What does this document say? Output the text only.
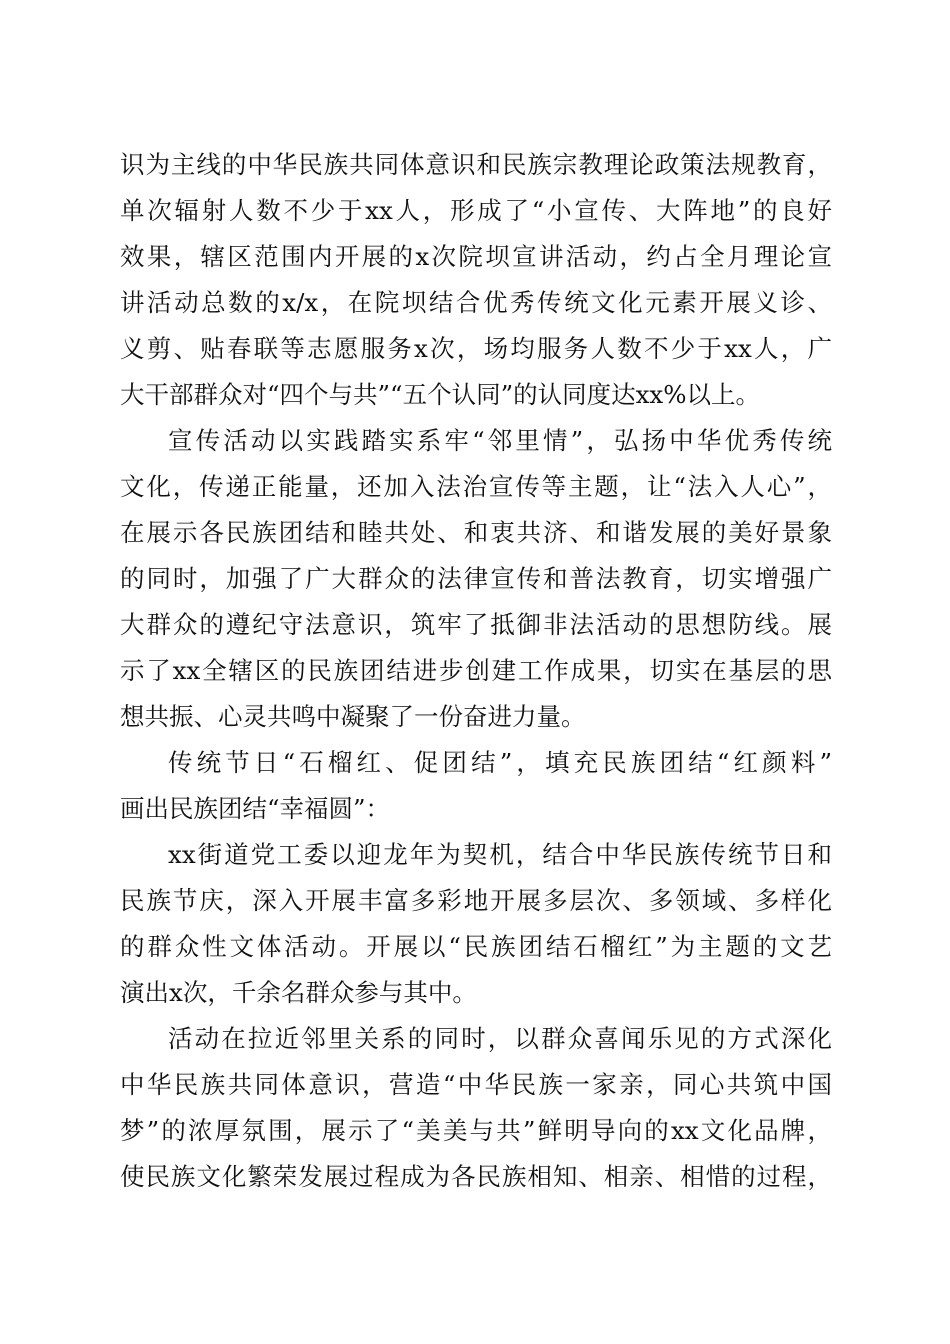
识为主线的中华民族共同体意识和民族宗教理论政策法规教育，
单次辐射人数不少于xx人，形成了“小宣传、大阵地”的良好
效果，辖区范围内开展的x次院坝宣讲活动，约占全月理论宣
讲活动总数的x/x，在院坝结合优秀传统文化元素开展义诊、
义剪、贴春联等志愿服务x次，场均服务人数不少于xx人，广
大干部群众对“四个与共”“五个认同”的认同度达xx%以上。
宣传活动以实践踏实系牢“邻里情”，弘扬中华优秀传统
文化，传递正能量，还加入法治宣传等主题，让“法入人心”，
在展示各民族团结和睦共处、和衷共济、和谐发展的美好景象
的同时，加强了广大群众的法律宣传和普法教育，切实增强广
大群众的遵纪守法意识，筑牢了抵御非法活动的思想防线。展
示了xx全辖区的民族团结进步创建工作成果，切实在基层的思
想共振、心灵共鸣中凝聚了一份奋进力量。
传统节日“石榴红、促团结”，填充民族团结“红颜料”
画出民族团结“幸福圆”：
xx街道党工委以迎龙年为契机，结合中华民族传统节日和
民族节庆，深入开展丰富多彩地开展多层次、多领域、多样化
的群众性文体活动。开展以“民族团结石榴红”为主题的文艺
演出x次，千余名群众参与其中。
活动在拉近邻里关系的同时，以群众喜闻乐见的方式深化
中华民族共同体意识，营造“中华民族一家亲，同心共筑中国
梦”的浓厚氛围，展示了“美美与共”鲜明导向的xx文化品牌，
使民族文化繁荣发展过程成为各民族相知、相亲、相惜的过程，
